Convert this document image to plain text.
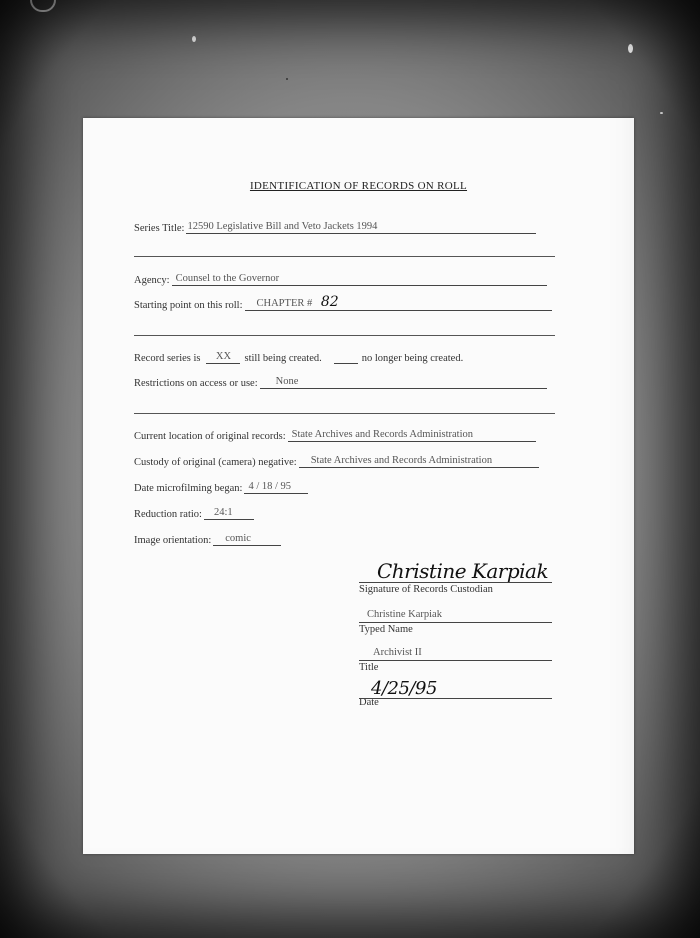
IDENTIFICATION OF RECORDS ON ROLL
Series Title: 12590 Legislative Bill and Veto Jackets 1994
Agency: Counsel to the Governor
Starting point on this roll:	CHAPTER # 82
Record series is	XX	still being created.	no longer being created.
Restrictions on access or use:	None
Current location of original records: State Archives and Records Administration
Custody of original (camera) negative:	State Archives and Records Administration
Date microfilming began: 4 / 18 / 95
Reduction ratio:	24:1
Image orientation:	comic
Christine Karpiak
Signature of Records Custodian
Christine Karpiak
Typed Name
Archivist II
Title
4/25/95
Date
